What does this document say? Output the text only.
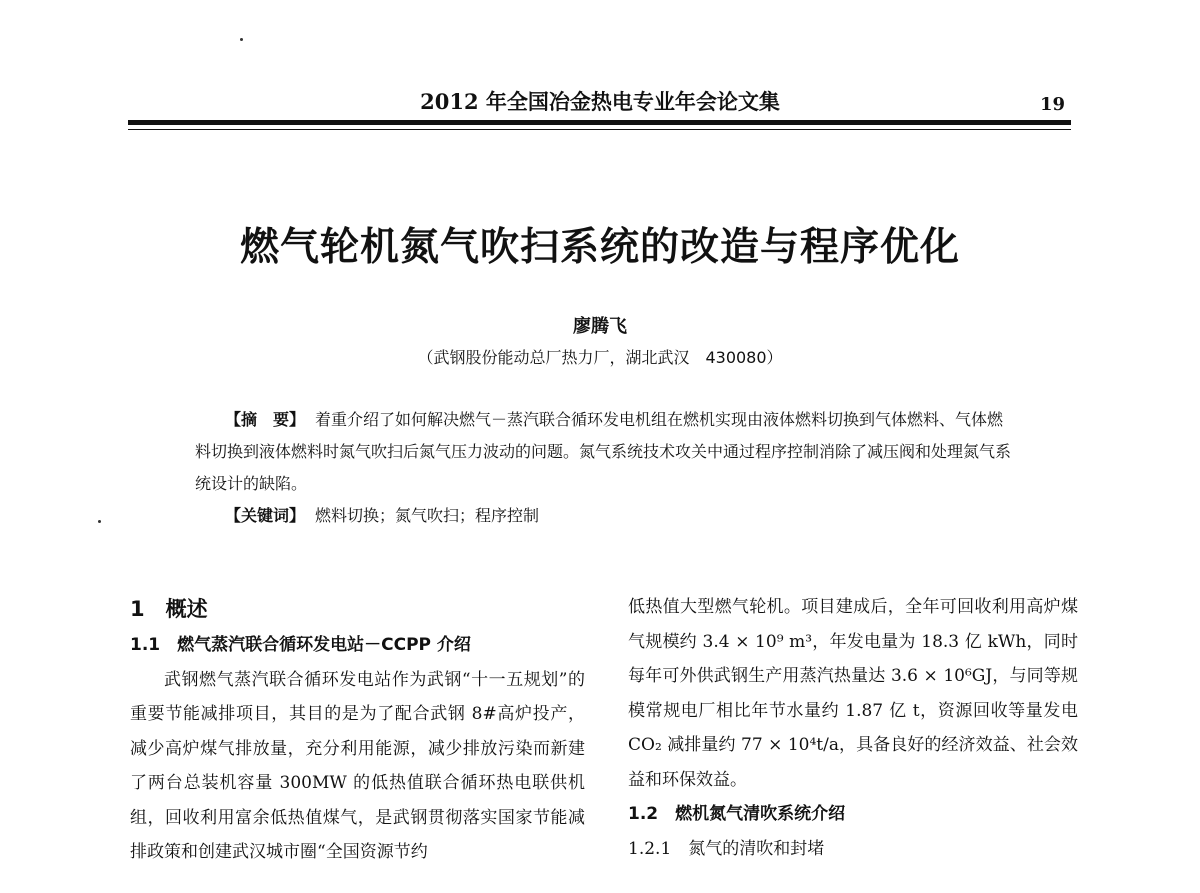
2012 年全国冶金热电专业年会论文集	19
燃气轮机氮气吹扫系统的改造与程序优化
廖腾飞
（武钢股份能动总厂热力厂，湖北武汉　430080）

【摘　要】 着重介绍了如何解决燃气－蒸汽联合循环发电机组在燃机实现由液体燃料切换到气体燃料、气体燃料切换到液体燃料时氮气吹扫后氮气压力波动的问题。氮气系统技术攻关中通过程序控制消除了减压阀和处理氮气系统设计的缺陷。

【关键词】 燃料切换；氮气吹扫；程序控制

1　概述

1.1　燃气蒸汽联合循环发电站－CCPP 介绍

武钢燃气蒸汽联合循环发电站作为武钢“十一五规划”的重要节能减排项目，其目的是为了配合武钢 8#高炉投产，减少高炉煤气排放量，充分利用能源，减少排放污染而新建了两台总装机容量 300MW 的低热值联合循环热电联供机组，回收利用富余低热值煤气，是武钢贯彻落实国家节能减排政策和创建武汉城市圈“全国资源节约

低热值大型燃气轮机。项目建成后，全年可回收利用高炉煤气规模约 3.4 × 10⁹ m³，年发电量为 18.3 亿 kWh，同时每年可外供武钢生产用蒸汽热量达 3.6 × 10⁶GJ，与同等规模常规电厂相比年节水量约 1.87 亿 t，资源回收等量发电 CO₂ 减排量约 77 × 10⁴t/a，具备良好的经济效益、社会效益和环保效益。

1.2　燃机氮气清吹系统介绍

1.2.1　氮气的清吹和封堵
